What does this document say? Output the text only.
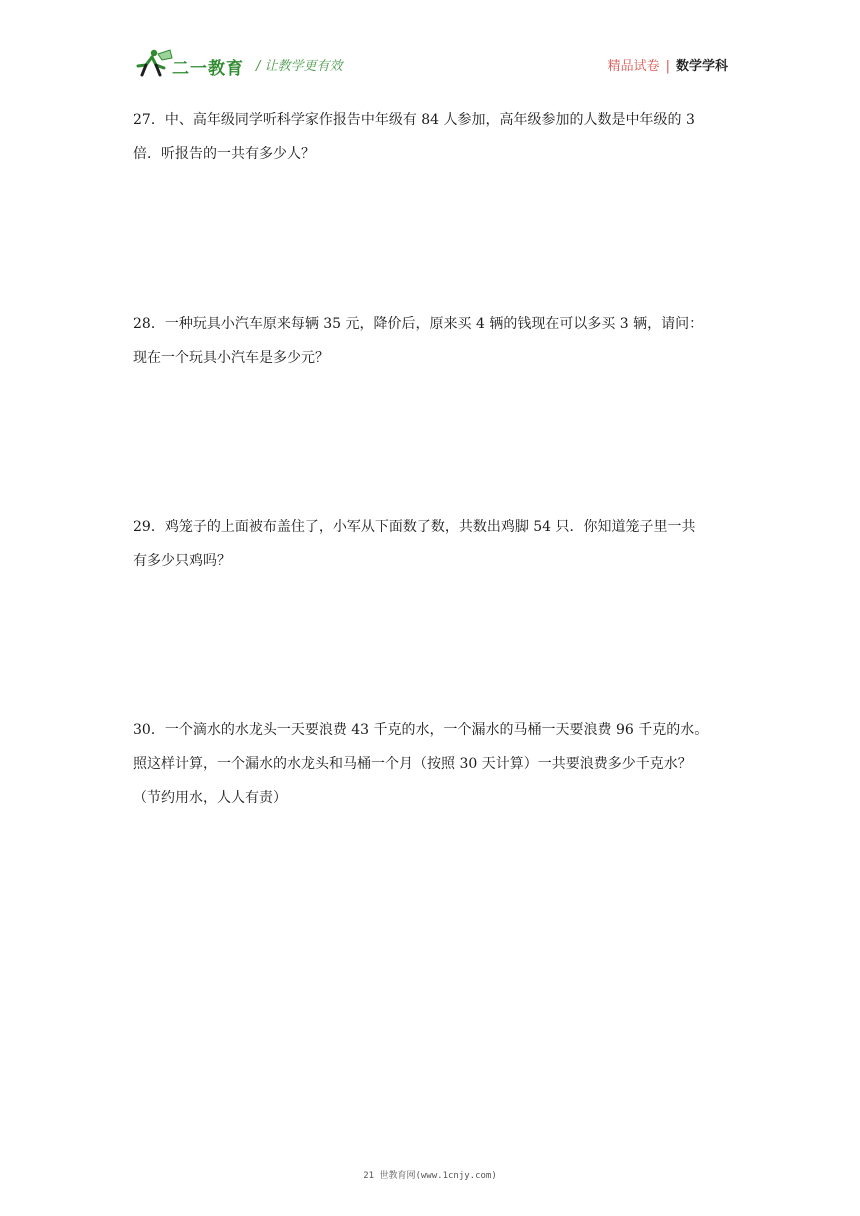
二一教育 / 让教学更有效	精品试卷 | 数学学科
27．中、高年级同学听科学家作报告中年级有 84 人参加，高年级参加的人数是中年级的 3
倍．听报告的一共有多少人？
28．一种玩具小汽车原来每辆 35 元，降价后，原来买 4 辆的钱现在可以多买 3 辆，请问：
现在一个玩具小汽车是多少元？
29．鸡笼子的上面被布盖住了，小军从下面数了数，共数出鸡脚 54 只．你知道笼子里一共
有多少只鸡吗？
30．一个滴水的水龙头一天要浪费 43 千克的水，一个漏水的马桶一天要浪费 96 千克的水。
照这样计算，一个漏水的水龙头和马桶一个月（按照 30 天计算）一共要浪费多少千克水？
（节约用水，人人有责）
21 世教育网(www.1cnjy.com)
